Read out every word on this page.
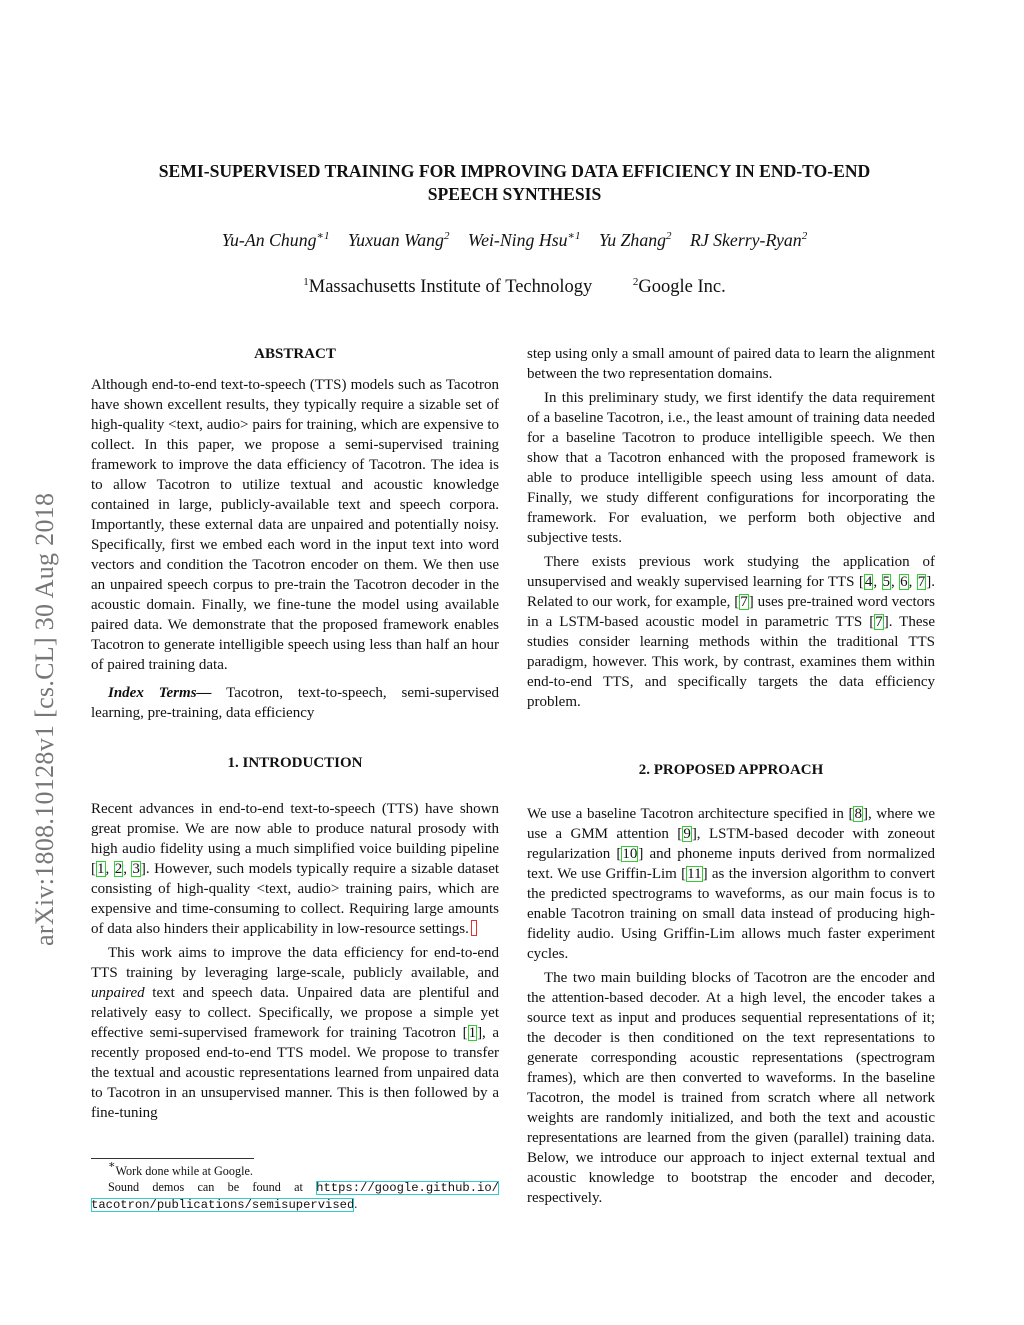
arXiv:1808.10128v1 [cs.CL] 30 Aug 2018
SEMI-SUPERVISED TRAINING FOR IMPROVING DATA EFFICIENCY IN END-TO-END
SPEECH SYNTHESIS
Yu-An Chung$^{∗1}$ Yuxuan Wang$^2$ Wei-Ning Hsu$^{∗1}$ Yu Zhang$^2$ RJ Skerry-Ryan$^2$
$^1$Massachusetts Institute of Technology	$^2$Google Inc.
ABSTRACT

Although end-to-end text-to-speech (TTS) models such as Tacotron have shown excellent results, they typically require a sizable set of high-quality <text, audio> pairs for training, which are expensive to collect. In this paper, we propose a semi-supervised training framework to improve the data efficiency of Tacotron. The idea is to allow Tacotron to utilize textual and acoustic knowledge contained in large, publicly-available text and speech corpora. Importantly, these external data are unpaired and potentially noisy. Specifically, first we embed each word in the input text into word vectors and condition the Tacotron encoder on them. We then use an unpaired speech corpus to pre-train the Tacotron decoder in the acoustic domain. Finally, we fine-tune the model using available paired data. We demonstrate that the proposed framework enables Tacotron to generate intelligible speech using less than half an hour of paired training data.

Index Terms— Tacotron, text-to-speech, semi-supervised learning, pre-training, data efficiency

1. INTRODUCTION

Recent advances in end-to-end text-to-speech (TTS) have shown great promise. We are now able to produce natural prosody with high audio fidelity using a much simplified voice building pipeline [1, 2, 3]. However, such models typically require a sizable dataset consisting of high-quality <text, audio> training pairs, which are expensive and time-consuming to collect. Requiring large amounts of data also hinders their applicability in low-resource settings.

This work aims to improve the data efficiency for end-to-end TTS training by leveraging large-scale, publicly available, and unpaired text and speech data. Unpaired data are plentiful and relatively easy to collect. Specifically, we propose a simple yet effective semi-supervised framework for training Tacotron [1], a recently proposed end-to-end TTS model. We propose to transfer the textual and acoustic representations learned from unpaired data to Tacotron in an unsupervised manner. This is then followed by a fine-tuning

∗Work done while at Google.

Sound demos can be found at https://google.github.io/ tacotron/publications/semisupervised.

step using only a small amount of paired data to learn the alignment between the two representation domains.

In this preliminary study, we first identify the data requirement of a baseline Tacotron, i.e., the least amount of training data needed for a baseline Tacotron to produce intelligible speech. We then show that a Tacotron enhanced with the proposed framework is able to produce intelligible speech using less amount of data. Finally, we study different configurations for incorporating the framework. For evaluation, we perform both objective and subjective tests.

There exists previous work studying the application of unsupervised and weakly supervised learning for TTS [4, 5, 6, 7]. Related to our work, for example, [7] uses pre-trained word vectors in a LSTM-based acoustic model in parametric TTS [7]. These studies consider learning methods within the traditional TTS paradigm, however. This work, by contrast, examines them within end-to-end TTS, and specifically targets the data efficiency problem.

2. PROPOSED APPROACH

We use a baseline Tacotron architecture specified in [8], where we use a GMM attention [9], LSTM-based decoder with zoneout regularization [10] and phoneme inputs derived from normalized text. We use Griffin-Lim [11] as the inversion algorithm to convert the predicted spectrograms to waveforms, as our main focus is to enable Tacotron training on small data instead of producing high-fidelity audio. Using Griffin-Lim allows much faster experiment cycles.

The two main building blocks of Tacotron are the encoder and the attention-based decoder. At a high level, the encoder takes a source text as input and produces sequential representations of it; the decoder is then conditioned on the text representations to generate corresponding acoustic representations (spectrogram frames), which are then converted to waveforms. In the baseline Tacotron, the model is trained from scratch where all network weights are randomly initialized, and both the text and acoustic representations are learned from the given (parallel) training data. Below, we introduce our approach to inject external textual and acoustic knowledge to bootstrap the encoder and decoder, respectively.
